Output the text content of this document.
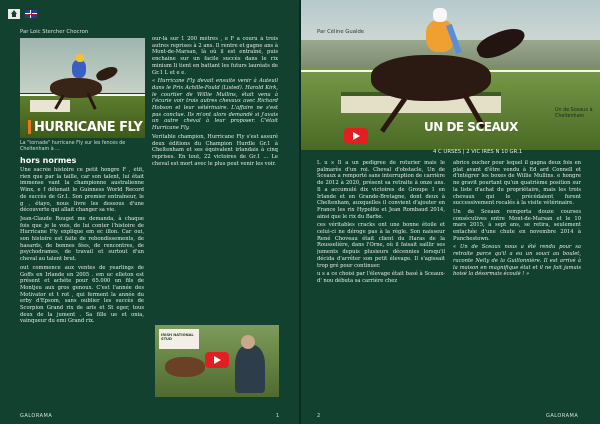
Par Loic Stercher Chocron
HURRICANE FLY
La "tornade" hurricane Fly sur les fences de Cheltenham à ...
hors normes

Une sacrée histoire ce petit hongre F , étit, rien que par la taille, car son talent, lui était immense vant la championne australienne Winx, e f détenait le Guinness World Record de succès de Gr.1. Son premier entraîneur, le g , étayo, nous livre les dessous d'une découverte qui allait changer sa vie.

Jean-Claude Rouget me demanda, à chaque fois que je le vois, de lui conter l'histoire de Hurricane Fly explique em ec illon. Car oui, son histoire est faite de rebondissements, de hasards, de bonnes fées, de rencontres, de psychodrames, de travail et surtout d'un cheval au talent brut.

out commence aux ventes de yearlings de Goffs en Irlande en 2005 . em uc elleton est présent et achète pour 65.000 un fils de Montjeu aux gros genoux. C'est l'année des Motivator et t rot , qui ferment la année du erby d'Epsom, sans oublier les succès de Scorpion Grand rix de aris et St eger, tous deux de la jument . Sa fille ue et onia, vainqueur du emi Grand rix.

our-là sur 1 200 mètres , e F a couru à trois autres reprises à 2 ans. Il rentre et gagne ans à Mont-de-Marsan, là où il est entraîné, puis enchaine sur un facile succès dans le rix minium Ii tient en battant les futurs lauréats de Gr.1 L et e e.

« Hurricane Fly devait ensuite venir à Auteuil dans le Prix Achille-Fould (Listed). Harold Kirk, le courtier de Willie Mullins, était venu à l'écurie voir trois autres chevaux avec Richard Hobson et leur vétérinaire. L'affaire ne s'est pas conclue. Ils m'ont alors demandé si j'avais un autre cheval à leur proposer. C'était Hurricane Fly.

Veritable champion, Hurricane Fly s'est assuré deux éditions du Champion Hurdle Gr.1 à Cheltenham et ses équivalent irlandais à cinq reprises. En tout, 22 victoires de Gr.1 ... Le cheval est mort avec le plus peut venir les voir.

IRISH NATIONAL STUD
GALORAMA	1
UN DE SCEAUX
Un de Sceaux à Cheltenham
Par Céline Gualde
4 C URSES | 2 VIC IRES N 10 GR.1

L u s Il a un pedigree de roturier mais le palmarès d'un roi. Cheval d'obstacle, Un de Sceaux a remporté sans interruption de carrière de 2012 à 2020, présent sa retraite à onze ans. Il a accumulé dix victoires de Groupe 1 en Irlande et en Grande-Bretagne, dont deux à Cheltenham, auxquelles il convient d'ajouter en France les rix Hypolite et Jean Rombaud 2014, ainsi que le rix du Barbe.

ces véritables cracks ont une bonne étoile et celui-ci ne déroge pas à la règle. Son naisseur René Choveau était client du Haras de la Rousselière, dans l'Orne, où il faisait saillir ses juments depuis plusieurs décennies lorsqu'il décida d'arrêter son petit élevage. Il s'agissait trop gré pour continuer.

u s a ce choisi par l'élevage était basé à Sceaux-d' nou débuta sa carrière chez

abrice oucher pour lequel il gagna deux fois en plat avant d'être vendu à Ed ard Connell et d'intégrer les boxes de Willie Mullins. e hongre ne gravit pourtant qu'un quatrième position sur la liste d'achat du propriétaire, mais les trois chevaux qui le précédaient furent successivement recalés à la visite vétérinaire.

Un de Sceaux remporta douze courses consécutives entre Mont-de-Marsan et le 10 mars 2015, à sept ans, se retira, seulement entachée d'une chute en novembre 2014 à Punchestown.

« Un de Sceaux nous a été rendu pour sa retraite parce qu'il a eu un souci au boulet, raconte Nelly de la Guillonnière. Il est arrivé à la maison en magnifique état et il ne fait jamais boisé la désormais écoulé ! »

2	GALORAMA
